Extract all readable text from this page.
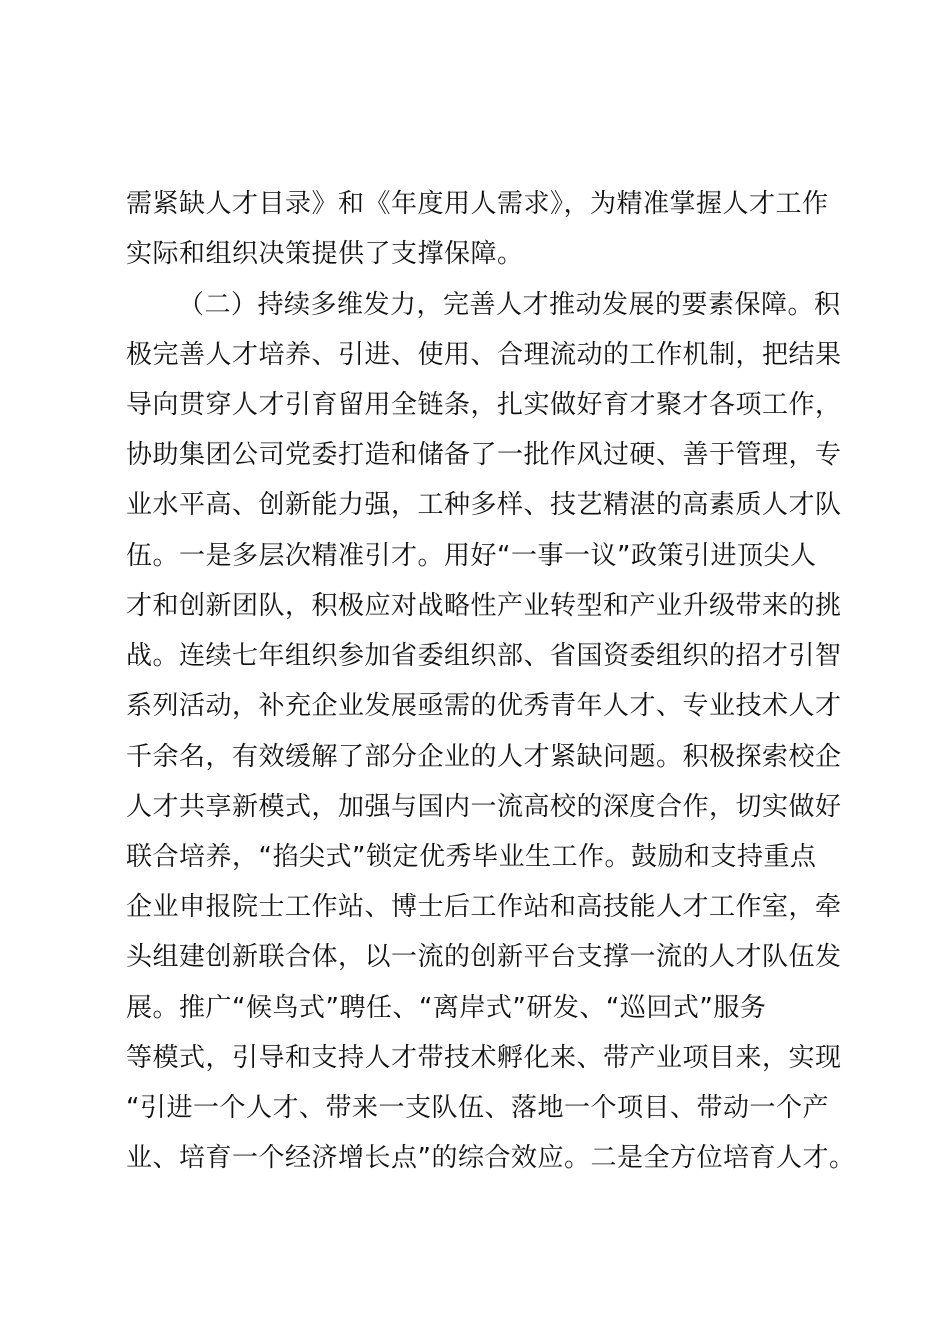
需紧缺人才目录》和《年度用人需求》，为精准掌握人才工作
实际和组织决策提供了支撑保障。
（二）持续多维发力，完善人才推动发展的要素保障。积
极完善人才培养、引进、使用、合理流动的工作机制，把结果
导向贯穿人才引育留用全链条，扎实做好育才聚才各项工作，
协助集团公司党委打造和储备了一批作风过硬、善于管理，专
业水平高、创新能力强，工种多样、技艺精湛的高素质人才队
伍。一是多层次精准引才。用好“一事一议”政策引进顶尖人
才和创新团队，积极应对战略性产业转型和产业升级带来的挑
战。连续七年组织参加省委组织部、省国资委组织的招才引智
系列活动，补充企业发展亟需的优秀青年人才、专业技术人才
千余名，有效缓解了部分企业的人才紧缺问题。积极探索校企
人才共享新模式，加强与国内一流高校的深度合作，切实做好
联合培养，“掐尖式”锁定优秀毕业生工作。鼓励和支持重点
企业申报院士工作站、博士后工作站和高技能人才工作室，牵
头组建创新联合体，以一流的创新平台支撑一流的人才队伍发
展。推广“候鸟式”聘任、“离岸式”研发、“巡回式”服务
等模式，引导和支持人才带技术孵化来、带产业项目来，实现
“引进一个人才、带来一支队伍、落地一个项目、带动一个产
业、培育一个经济增长点”的综合效应。二是全方位培育人才。
